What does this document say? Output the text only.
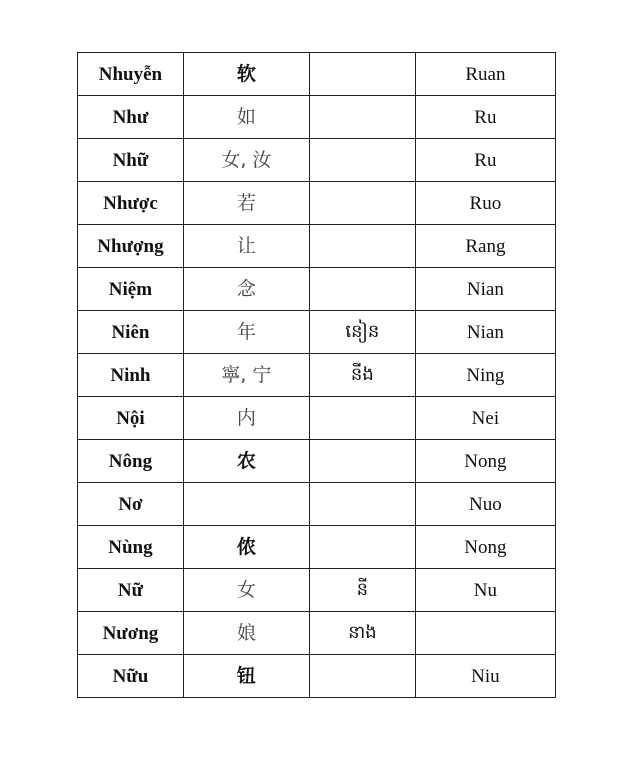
Nhuyễn	软		Ruan
Như	如		Ru
Nhữ	女, 汝		Ru
Nhược	若		Ruo
Nhượng	让		Rang
Niệm	念		Nian
Niên	年	នៀន	Nian
Ninh	寧, 宁	នីង	Ning
Nội	内		Nei
Nông	农		Nong
Nơ			Nuo
Nùng	侬		Nong
Nữ	女	នី	Nu
Nương	娘	នាង	
Nữu	钮		Niu
